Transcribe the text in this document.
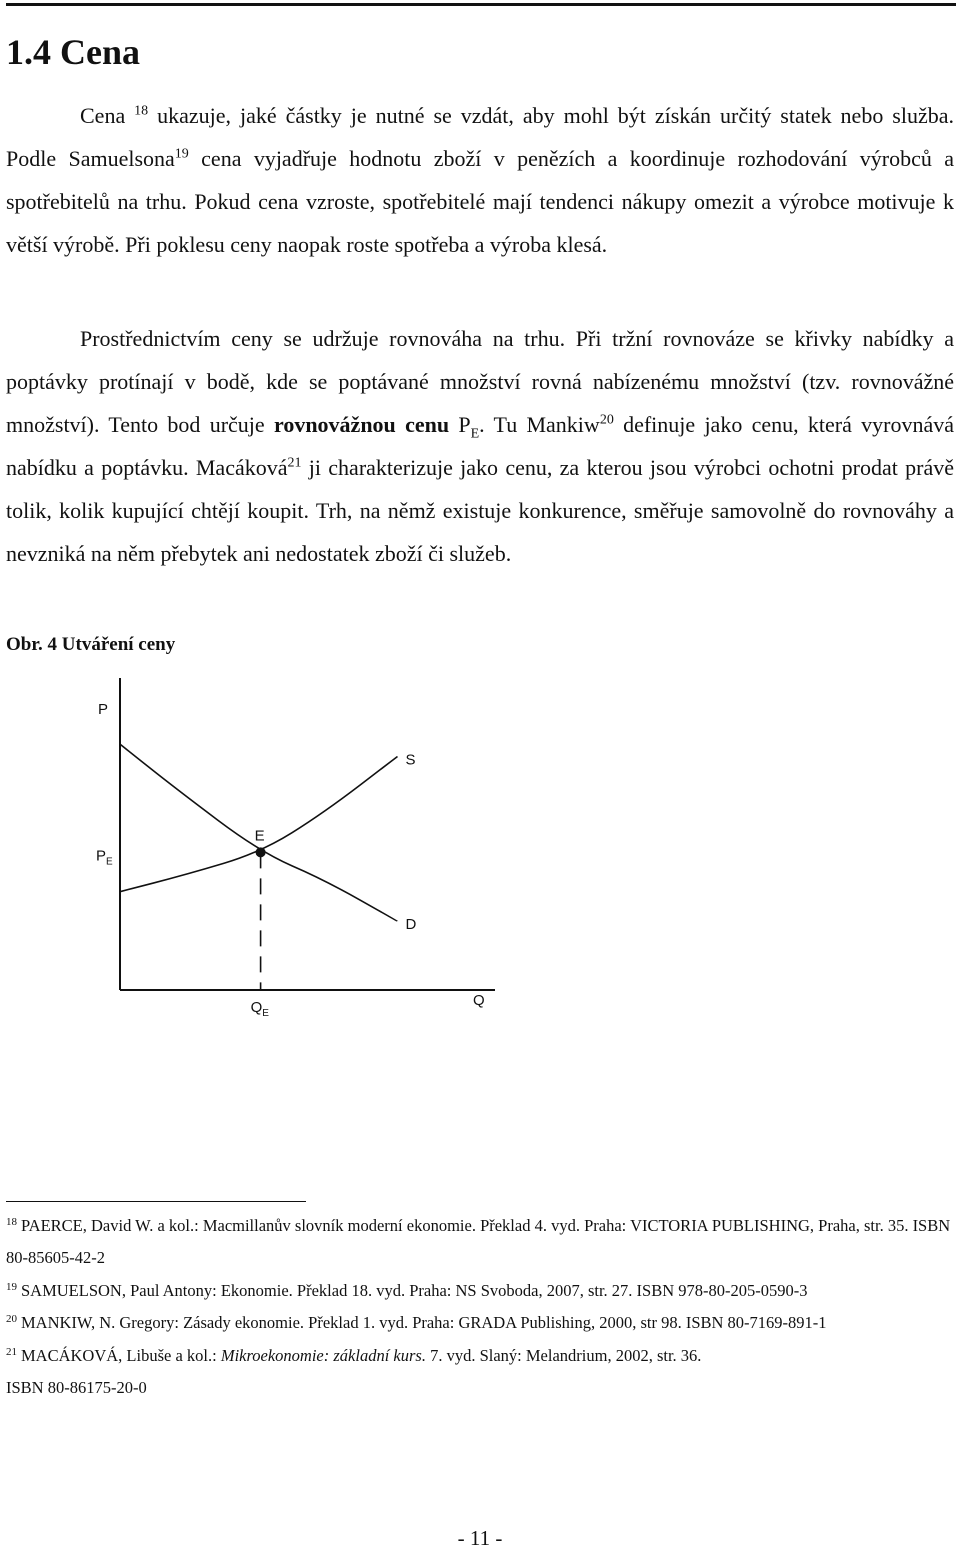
1.4 Cena

Cena $^{18}$ ukazuje, jaké částky je nutné se vzdát, aby mohl být získán určitý statek nebo služba. Podle Samuelsona$^{19}$ cena vyjadřuje hodnotu zboží v penězích a koordinuje rozhodování výrobců a spotřebitelů na trhu. Pokud cena vzroste, spotřebitelé mají tendenci nákupy omezit a výrobce motivuje k větší výrobě. Při poklesu ceny naopak roste spotřeba a výroba klesá.

Prostřednictvím ceny se udržuje rovnováha na trhu. Při tržní rovnováze se křivky nabídky a poptávky protínají v bodě, kde se poptávané množství rovná nabízenému množství (tzv. rovnovážné množství). Tento bod určuje rovnovážnou cenu $P_E$. Tu Mankiw$^{20}$ definuje jako cenu, která vyrovnává nabídku a poptávku. Macáková$^{21}$ ji charakterizuje jako cenu, za kterou jsou výrobci ochotni prodat právě tolik, kolik kupující chtějí koupit. Trh, na němž existuje konkurence, směřuje samovolně do rovnováhy a nevzniká na něm přebytek ani nedostatek zboží či služeb.

Obr. 4 Utváření ceny

P
Q
S
D
E
$P_E$
$Q_E$

$^{18}$ PAERCE, David W. a kol.: Macmillanův slovník moderní ekonomie. Překlad 4. vyd. Praha: VICTORIA PUBLISHING, Praha, str. 35. ISBN 80-85605-42-2

$^{19}$ SAMUELSON, Paul Antony: Ekonomie. Překlad 18. vyd. Praha: NS Svoboda, 2007, str. 27. ISBN 978-80-205-0590-3

$^{20}$ MANKIW, N. Gregory: Zásady ekonomie. Překlad 1. vyd. Praha: GRADA Publishing, 2000, str 98. ISBN 80-7169-891-1

$^{21}$ MACÁKOVÁ, Libuše a kol.: Mikroekonomie: základní kurs. 7. vyd. Slaný: Melandrium, 2002, str. 36.
ISBN 80-86175-20-0

- 11 -
